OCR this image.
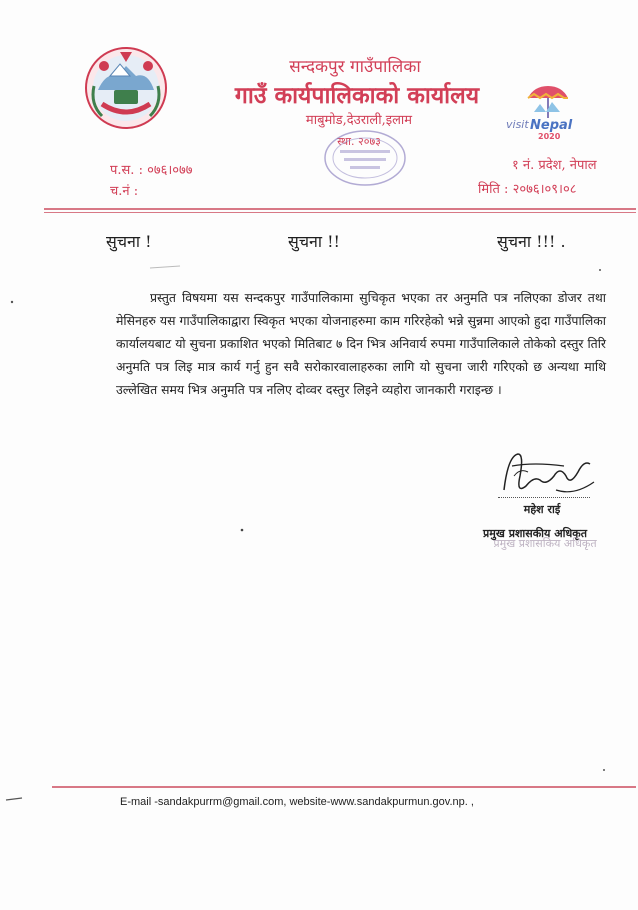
सन्दकपुर गाउँपालिका
गाउँ कार्यपालिकाको कार्यालय
माबुमोड,देउराली,इलाम
स्था. २०७३
visit Nepal
2020
प.स. : ०७६।०७७
च.नं :
१ नं. प्रदेश, नेपाल
मिति : २०७६।०९।०८
सुचना !	सुचना !!	सुचना !!! .
प्रस्तुत विषयमा यस सन्दकपुर गाउँपालिकामा सुचिकृत भएका तर अनुमति पत्र नलिएका डोजर तथा मेसिनहरु यस गाउँपालिकाद्वारा स्विकृत भएका योजनाहरुमा काम गरिरहेको भन्ने सुन्नमा आएको हुदा गाउँपालिका कार्यालयबाट यो सुचना प्रकाशित भएको मितिबाट ७ दिन भित्र अनिवार्य रुपमा गाउँपालिकाले तोकेको दस्तुर तिरि अनुमति पत्र लिइ मात्र कार्य गर्नु हुन सवै सरोकारवालाहरुका लागि यो सुचना जारी गरिएको छ अन्यथा माथि उल्लेखित समय भित्र अनुमति पत्र नलिए दोव्वर दस्तुर लिइने व्यहोरा जानकारी गराइन्छ ।
महेश राई
प्रमुख प्रशासकीय अधिकृत
प्रमुख प्रशासकिय अधिकृत
E-mail -sandakpurrm@gmail.com, website-www.sandakpurmun.gov.np. ,
